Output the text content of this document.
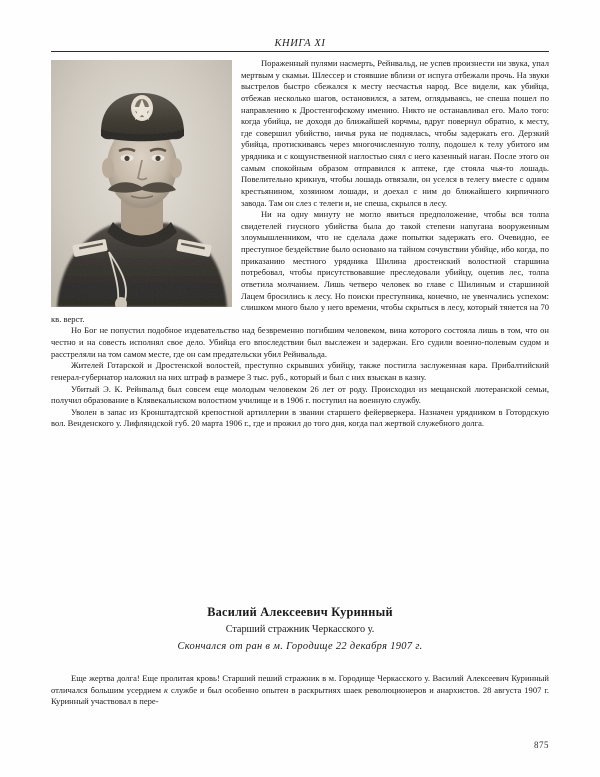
КНИГА XI

Пораженный пулями насмерть, Рейнвальд, не успев произнести ни звука, упал мертвым у скамьи. Шлессер и стоявшие вблизи от испуга отбежали прочь. На звуки выстрелов быстро сбежался к месту несчастья народ. Все видели, как убийца, отбежав несколько шагов, остановился, а затем, оглядываясь, не спеша пошел по направлению к Дростенгофскому имению. Никто не останавливал его. Мало того: когда убийца, не доходя до ближайшей корчмы, вдруг повернул обратно, к месту, где совершил убийство, ничья рука не поднялась, чтобы задержать его. Дерзкий убийца, протискиваясь через многочисленную толпу, подошел к телу убитого им урядника и с кощунственной наглостью снял с него казенный наган. После этого он самым спокойным образом отправился к аптеке, где стояла чья-то лошадь. Повелительно крикнув, чтобы лошадь отвязали, он уселся в телегу вместе с одним крестьянином, хозяином лошади, и доехал с ним до ближайшего кирпичного завода. Там он слез с телеги и, не спеша, скрылся в лесу.

Ни на одну минуту не могло явиться предположение, чтобы вся толпа свидетелей гнусного убийства была до такой степени напугана вооруженным злоумышленником, что не сделала даже попытки задержать его. Очевидно, ее преступное бездействие было основано на тайном сочувствии убийце, ибо когда, по приказанию местного урядника Шилина дростенский волостной старшина потребовал, чтобы присутствовавшие преследовали убийцу, оцепив лес, толпа ответила молчанием. Лишь четверо человек во главе с Шилиным и старшиной Лацем бросились к лесу. Но поиски преступника, конечно, не увенчались успехом: слишком много было у него времени, чтобы скрыться в лесу, который тянется на 70 кв. верст.

Но Бог не попустил подобное издевательство над безвременно погибшим человеком, вина которого состояла лишь в том, что он честно и на совесть исполнял свое дело. Убийца его впоследствии был выслежен и задержан. Его судили военно-полевым судом и расстреляли на том самом месте, где он сам предательски убил Рейнвальда.

Жителей Готарской и Дростенской волостей, преступно скрывших убийцу, также постигла заслуженная кара. Прибалтийский генерал-губернатор наложил на них штраф в размере 3 тыс. руб., который и был с них взыскан в казну.

Убитый Э. К. Рейнвальд был совсем еще молодым человеком 26 лет от роду. Происходил из мещанской лютеранской семьи, получил образование в Клявекальнском волостном училище и в 1906 г. поступил на военную службу.

Уволен в запас из Кронштадтской крепостной артиллерии в звании старшего фейерверкера. Назначен урядником в Готордскую вол. Венденского у. Лифляндской губ. 20 марта 1906 г., где и прожил до того дня, когда пал жертвой служебного долга.

Василий Алексеевич Куринный
Старший стражник Черкасского у.
Скончался от ран в м. Городище 22 декабря 1907 г.

Еще жертва долга! Еще пролитая кровь! Старший пеший стражник в м. Городище Черкасского у. Василий Алексеевич Куринный отличался большим усердием к службе и был особенно опытен в раскрытиях шаек революционеров и анархистов. 28 августа 1907 г. Куринный участвовал в пере-

875
